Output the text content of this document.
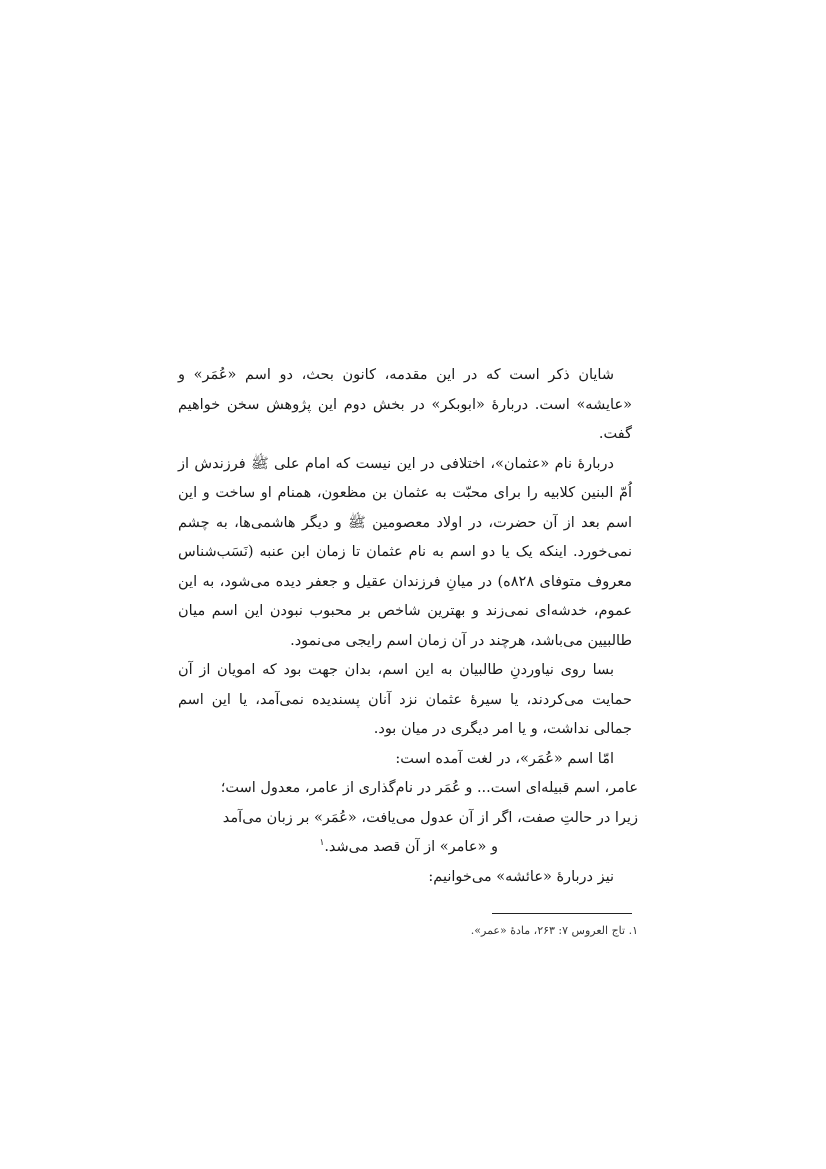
شایان ذکر است که در این مقدمه، کانون بحث، دو اسم «عُمَر» و «عایشه» است. دربارهٔ «ابوبکر» در بخش دوم این پژوهش سخن خواهیم گفت.

دربارهٔ نام «عثمان»، اختلافی در این نیست که امام علی ﷺ فرزندش از اُمّ البنین کلابیه را برای محبّت به عثمان بن مظعون، همنام او ساخت و این اسم بعد از آن حضرت، در اولاد معصومین ﷺ و دیگر هاشمی‌ها، به چشم نمی‌خورد. اینکه یک یا دو اسم به نام عثمان تا زمان ابن عنبه (نَسَب‌شناس معروف متوفای ۸۲۸ه) در میانِ فرزندان عقیل و جعفر دیده می‌شود، به این عموم، خدشه‌ای نمی‌زند و بهترین شاخص بر محبوب نبودن این اسم میان طالبیین می‌باشد، هرچند در آن زمان اسم رایجی می‌نمود.

بسا روی نیاوردنِ طالبیان به این اسم، بدان جهت بود که امویان از آن حمایت می‌کردند، یا سیرهٔ عثمان نزد آنان پسندیده نمی‌آمد، یا این اسم جمالی نداشت، و یا امر دیگری در میان بود.

امّا اسم «عُمَر»، در لغت آمده است:

عامر، اسم قبیله‌ای است... و عُمَر در نام‌گذاری از عامر، معدول است؛

زیرا در حالتِ صفت، اگر از آن عدول می‌یافت، «عُمَر» بر زبان می‌آمد

و «عامر» از آن قصد می‌شد.$^۱$

نیز دربارهٔ «عائشه» می‌خوانیم:

۱. تاج العروس ۷: ۲۶۳، مادهٔ «عمر».
